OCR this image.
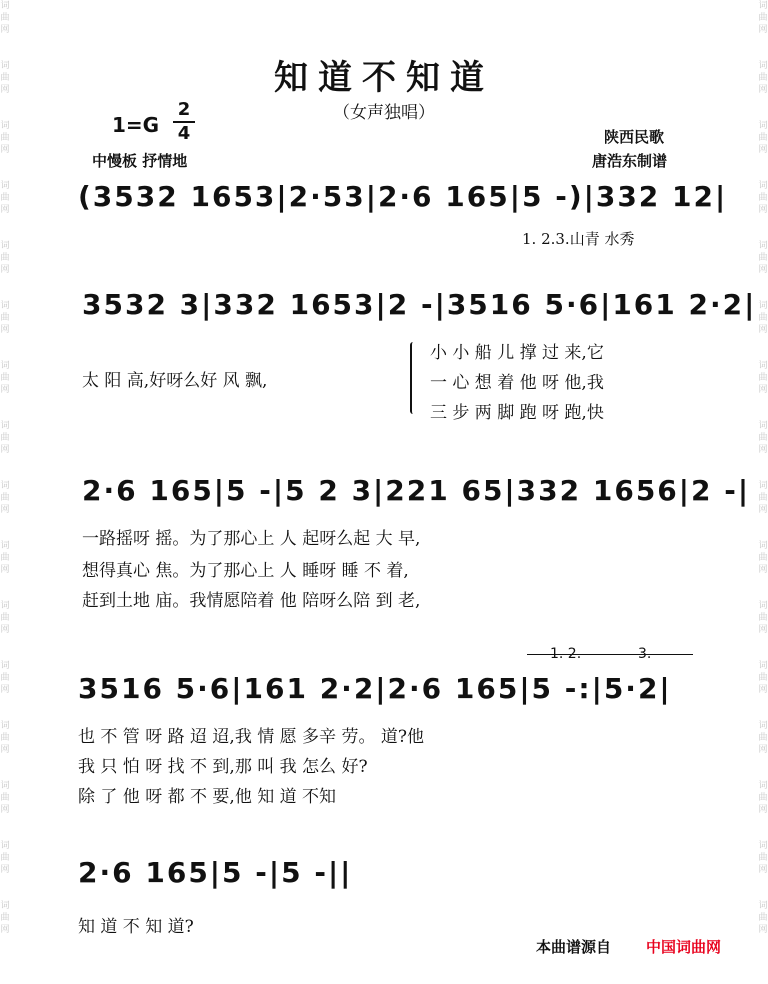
词
曲
网
词
曲
网
词
曲
网
词
曲
网
词
曲
网
词
曲
网
词
曲
网
词
曲
网
词
曲
网
词
曲
网
词
曲
网
词
曲
网
词
曲
网
词
曲
网
词
曲
网
词
曲
网
词
曲
网
词
曲
网
词
曲
网
词
曲
网
词
曲
网
词
曲
网
词
曲
网
词
曲
网
词
曲
网
词
曲
网
词
曲
网
词
曲
网
词
曲
网
词
曲
网
词
曲
网
词
曲
网
知道不知道
（女声独唱）
1=G
2
4
中慢板 抒情地
陕西民歌
唐浩东制谱
(3532 1653|2·53|2·6 165|5 -)|332 12|
1. 2.3.山青 水秀
3532 3|332 1653|2 -|3516 5·6|161 2·2|
太 阳 高,好呀么好 风 飘,
小 小 船 儿 撑 过 来,它
一 心 想 着 他 呀 他,我
三 步 两 脚 跑 呀 跑,快
2·6 165|5 -|5 2 3|221 65|332 1656|2 -|
一路摇呀 摇。为了那心上 人 起呀么起 大 早,
想得真心 焦。为了那心上 人 睡呀 睡 不 着,
赶到土地 庙。我情愿陪着 他 陪呀么陪 到 老,
1. 2.	3.
3516 5·6|161 2·2|2·6 165|5 -:|5·2|
也 不 管 呀 路 迢 迢,我 情 愿 多辛 劳。 道?他
我 只 怕 呀 找 不 到,那 叫 我 怎么 好?
除 了 他 呀 都 不 要,他 知 道 不知
2·6 165|5 -|5 -||
知 道 不 知 道?
本曲谱源自 中国词曲网
